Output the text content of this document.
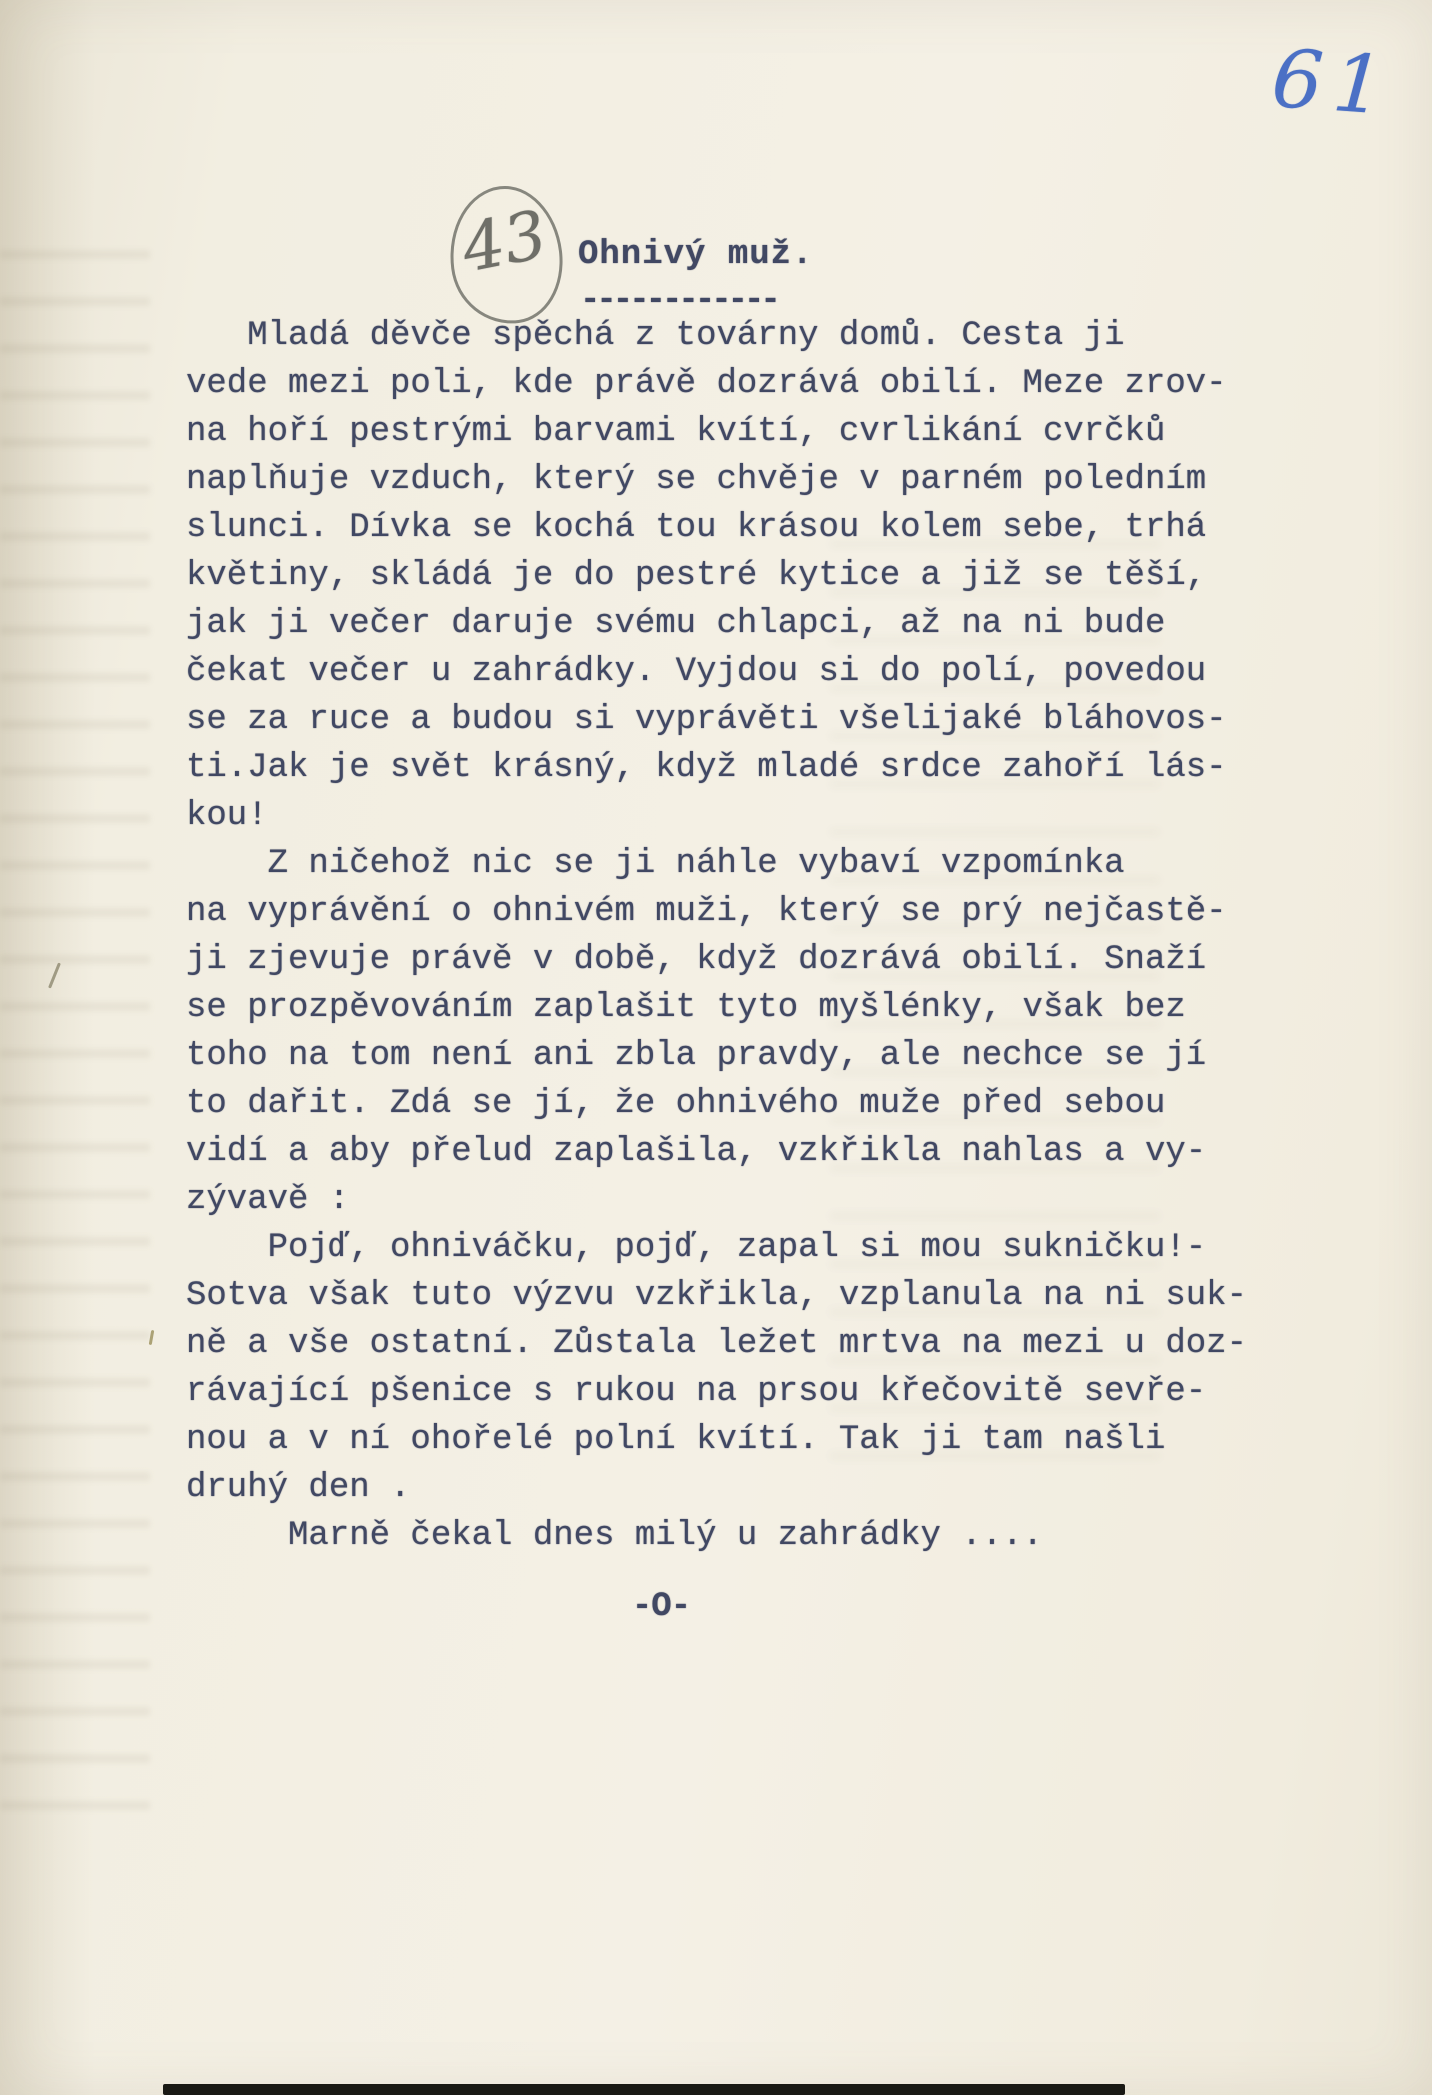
61
43 Ohnivý muž.
------------
Mladá děvče spěchá z továrny domů. Cesta ji
vede mezi poli, kde právě dozrává obilí. Meze zrov-
na hoří pestrými barvami kvítí, cvrlikání cvrčků
naplňuje vzduch, který se chvěje v parném poledním
slunci. Dívka se kochá tou krásou kolem sebe, trhá
květiny, skládá je do pestré kytice a již se těší,
jak ji večer daruje svému chlapci, až na ni bude
čekat večer u zahrádky. Vyjdou si do polí, povedou
se za ruce a budou si vyprávěti všelijaké bláhovos-
ti.Jak je svět krásný, když mladé srdce zahoří lás-
kou!
Z ničehož nic se ji náhle vybaví vzpomínka
na vyprávění o ohnivém muži, který se prý nejčastě-
ji zjevuje právě v době, když dozrává obilí. Snaží
se prozpěvováním zaplašit tyto myšlénky, však bez
toho na tom není ani zbla pravdy, ale nechce se jí
to dařit. Zdá se jí, že ohnivého muže před sebou
vidí a aby přelud zaplašila, vzkřikla nahlas a vy-
zývavě :
Pojď, ohniváčku, pojď, zapal si mou sukničku!-
Sotva však tuto výzvu vzkřikla, vzplanula na ni suk-
ně a vše ostatní. Zůstala ležet mrtva na mezi u doz-
rávající pšenice s rukou na prsou křečovitě sevře-
nou a v ní ohořelé polní kvítí. Tak ji tam našli
druhý den .
Marně čekal dnes milý u zahrádky ....
-O-
